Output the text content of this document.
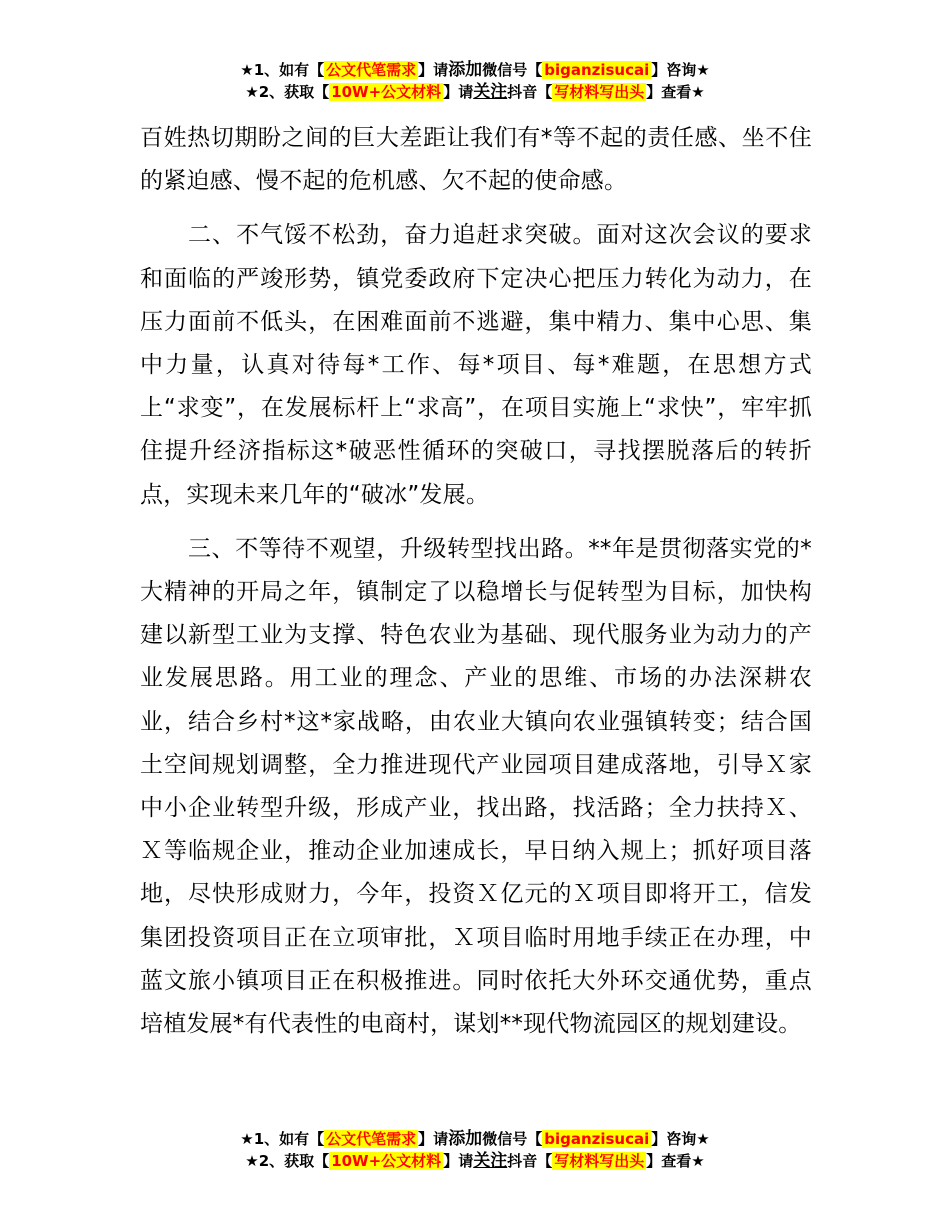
★1、如有【 公文代笔需求 】请添加微信号【 biganzisucai 】咨询★
★2、获取【 10W+公文材料 】请关注抖音【 写材料写出头 】查看★

百姓热切期盼之间的巨大差距让我们有*等不起的责任感、坐不住的紧迫感、慢不起的危机感、欠不起的使命感。

二、不气馁不松劲，奋力追赶求突破。面对这次会议的要求和面临的严竣形势，镇党委政府下定决心把压力转化为动力，在压力面前不低头，在困难面前不逃避，集中精力、集中心思、集中力量，认真对待每*工作、每*项目、每*难题，在思想方式上“求变”，在发展标杆上“求高”，在项目实施上“求快”，牢牢抓住提升经济指标这*破恶性循环的突破口，寻找摆脱落后的转折点，实现未来几年的“破冰”发展。

三、不等待不观望，升级转型找出路。**年是贯彻落实党的*大精神的开局之年，镇制定了以稳增长与促转型为目标，加快构建以新型工业为支撑、特色农业为基础、现代服务业为动力的产业发展思路。用工业的理念、产业的思维、市场的办法深耕农业，结合乡村*这*家战略，由农业大镇向农业强镇转变；结合国土空间规划调整，全力推进现代产业园项目建成落地，引导Ｘ家中小企业转型升级，形成产业，找出路，找活路；全力扶持Ｘ、Ｘ等临规企业，推动企业加速成长，早日纳入规上；抓好项目落地，尽快形成财力，今年，投资Ｘ亿元的Ｘ项目即将开工，信发集团投资项目正在立项审批，Ｘ项目临时用地手续正在办理，中蓝文旅小镇项目正在积极推进。同时依托大外环交通优势，重点培植发展*有代表性的电商村，谋划**现代物流园区的规划建设。

★1、如有【 公文代笔需求 】请添加微信号【 biganzisucai 】咨询★
★2、获取【 10W+公文材料 】请关注抖音【 写材料写出头 】查看★
